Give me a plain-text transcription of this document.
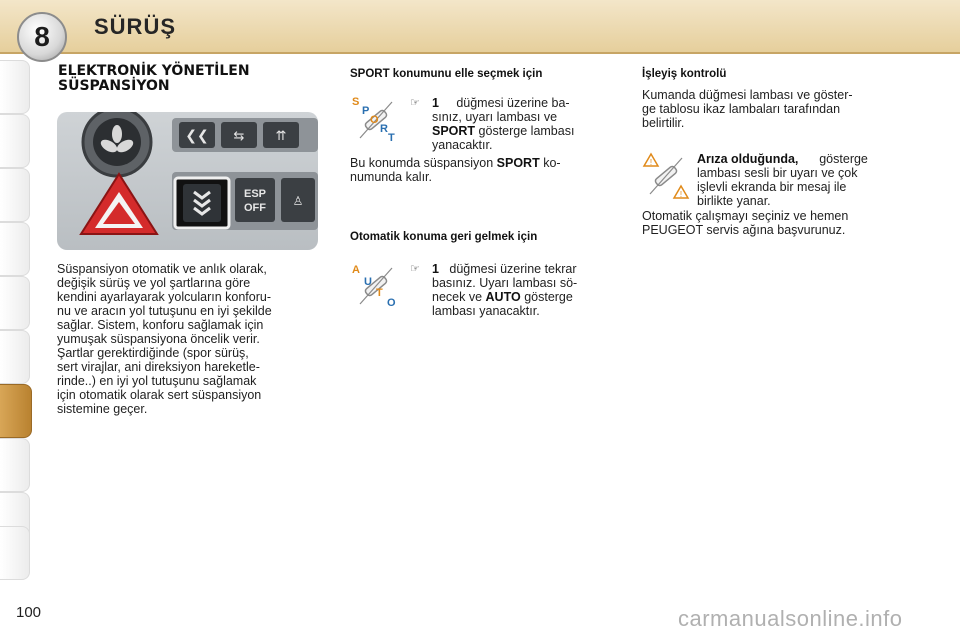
8 SÜRÜŞ
ELEKTRONİK YÖNETİLEN
SÜSPANSİYON
❮❮ ⇆ ⇈
ESP
OFF ♙
Süspansiyon otomatik ve anlık olarak,
değişik sürüş ve yol şartlarına göre
kendini ayarlayarak yolcuların konforu-
nu ve aracın yol tutuşunu en iyi şekilde
sağlar. Sistem, konforu sağlamak için
yumuşak süspansiyona öncelik verir.
Şartlar gerektirdiğinde (spor sürüş,
sert virajlar, ani direksiyon hareketle-
rinde..) en iyi yol tutuşunu sağlamak
için otomatik olarak sert süspansiyon
sistemine geçer.
SPORT konumunu elle seçmek için
S
P
O
R
T
☞ 1 düğmesi üzerine ba-
sınız, uyarı lambası ve
SPORT gösterge lambası
yanacaktır.
Bu konumda süspansiyon SPORT ko-
numunda kalır.
Otomatik konuma geri gelmek için
A
U
T
O
☞ 1 düğmesi üzerine tekrar
basınız. Uyarı lambası sö-
necek ve AUTO gösterge
lambası yanacaktır.
İşleyiş kontrolü
Kumanda düğmesi lambası ve göster-
ge tablosu ikaz lambaları tarafından
belirtilir.
!
!
Arıza olduğunda, gösterge
lambası sesli bir uyarı ve çok
işlevli ekranda bir mesaj ile
birlikte yanar.
Otomatik çalışmayı seçiniz ve hemen
PEUGEOT servis ağına başvurunuz.
100	carmanualsonline.info
